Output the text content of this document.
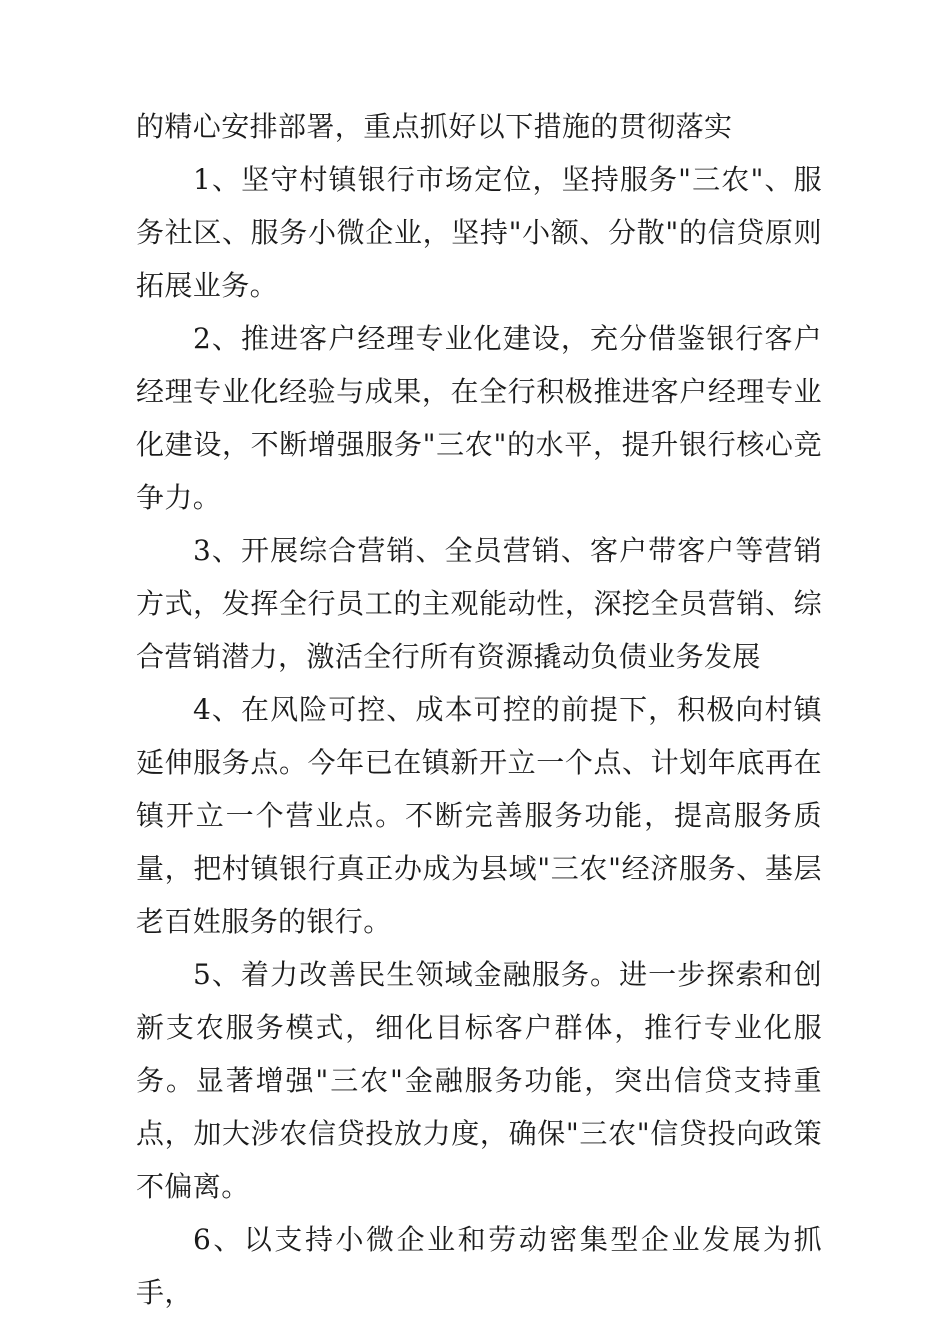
的精心安排部署，重点抓好以下措施的贯彻落实

1、坚守村镇银行市场定位，坚持服务"三农"、服务社区、服务小微企业，坚持"小额、分散"的信贷原则拓展业务。

2、推进客户经理专业化建设，充分借鉴银行客户经理专业化经验与成果，在全行积极推进客户经理专业化建设，不断增强服务"三农"的水平，提升银行核心竞争力。

3、开展综合营销、全员营销、客户带客户等营销方式，发挥全行员工的主观能动性，深挖全员营销、综合营销潜力，激活全行所有资源撬动负债业务发展

4、在风险可控、成本可控的前提下，积极向村镇延伸服务点。今年已在镇新开立一个点、计划年底再在镇开立一个营业点。不断完善服务功能，提高服务质量，把村镇银行真正办成为县域"三农"经济服务、基层老百姓服务的银行。

5、着力改善民生领域金融服务。进一步探索和创新支农服务模式，细化目标客户群体，推行专业化服务。显著增强"三农"金融服务功能，突出信贷支持重点，加大涉农信贷投放力度，确保"三农"信贷投向政策不偏离。

6、以支持小微企业和劳动密集型企业发展为抓手，
